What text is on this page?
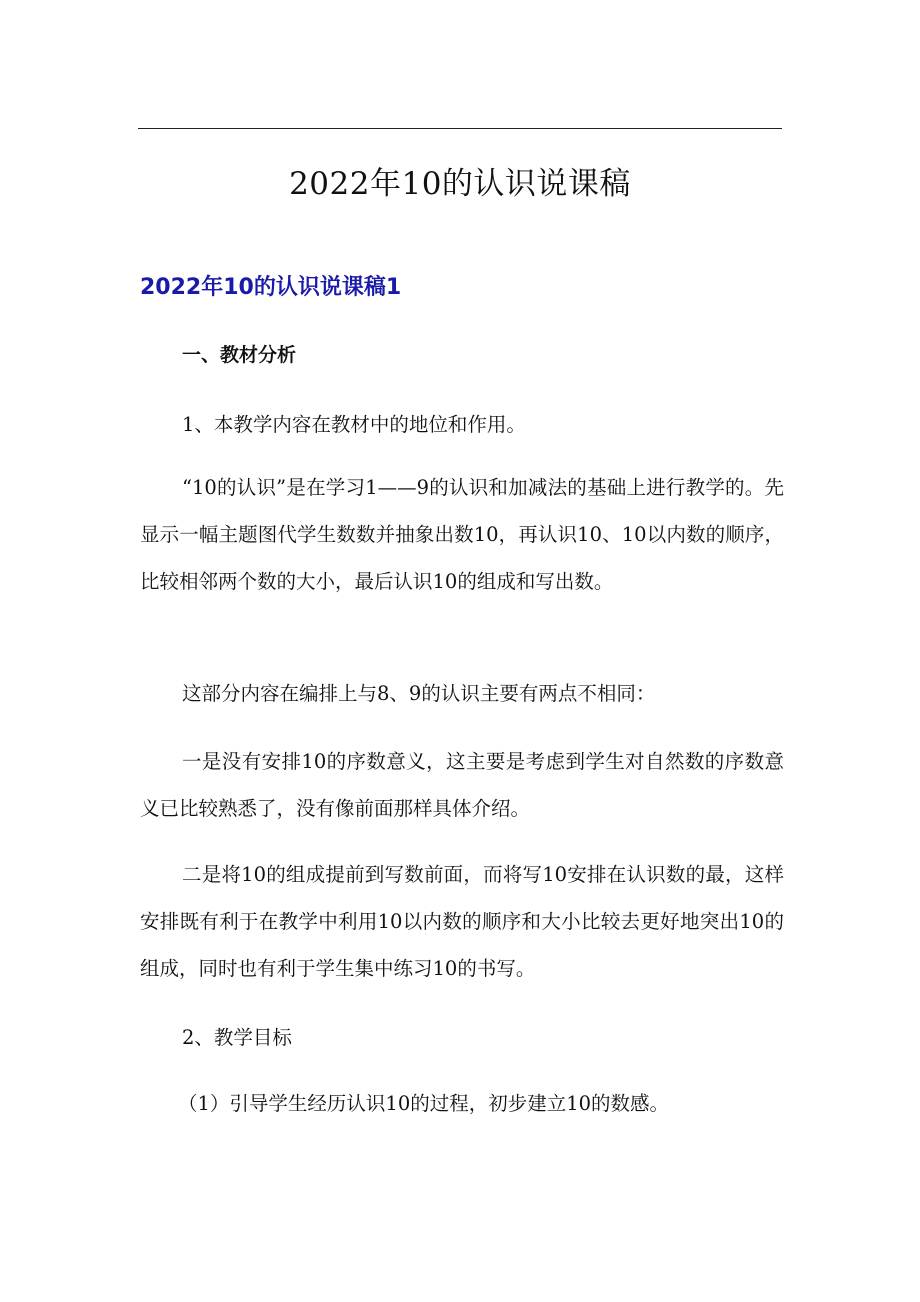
2022年10的认识说课稿
2022年10的认识说课稿1
一、教材分析

1、本教学内容在教材中的地位和作用。

“10的认识”是在学习1——9的认识和加减法的基础上进行教学的。先显示一幅主题图代学生数数并抽象出数10，再认识10、10以内数的顺序，比较相邻两个数的大小，最后认识10的组成和写出数。

这部分内容在编排上与8、9的认识主要有两点不相同：

一是没有安排10的序数意义，这主要是考虑到学生对自然数的序数意义已比较熟悉了，没有像前面那样具体介绍。

二是将10的组成提前到写数前面，而将写10安排在认识数的最，这样安排既有利于在教学中利用10以内数的顺序和大小比较去更好地突出10的组成，同时也有利于学生集中练习10的书写。

2、教学目标

（1）引导学生经历认识10的过程，初步建立10的数感。
